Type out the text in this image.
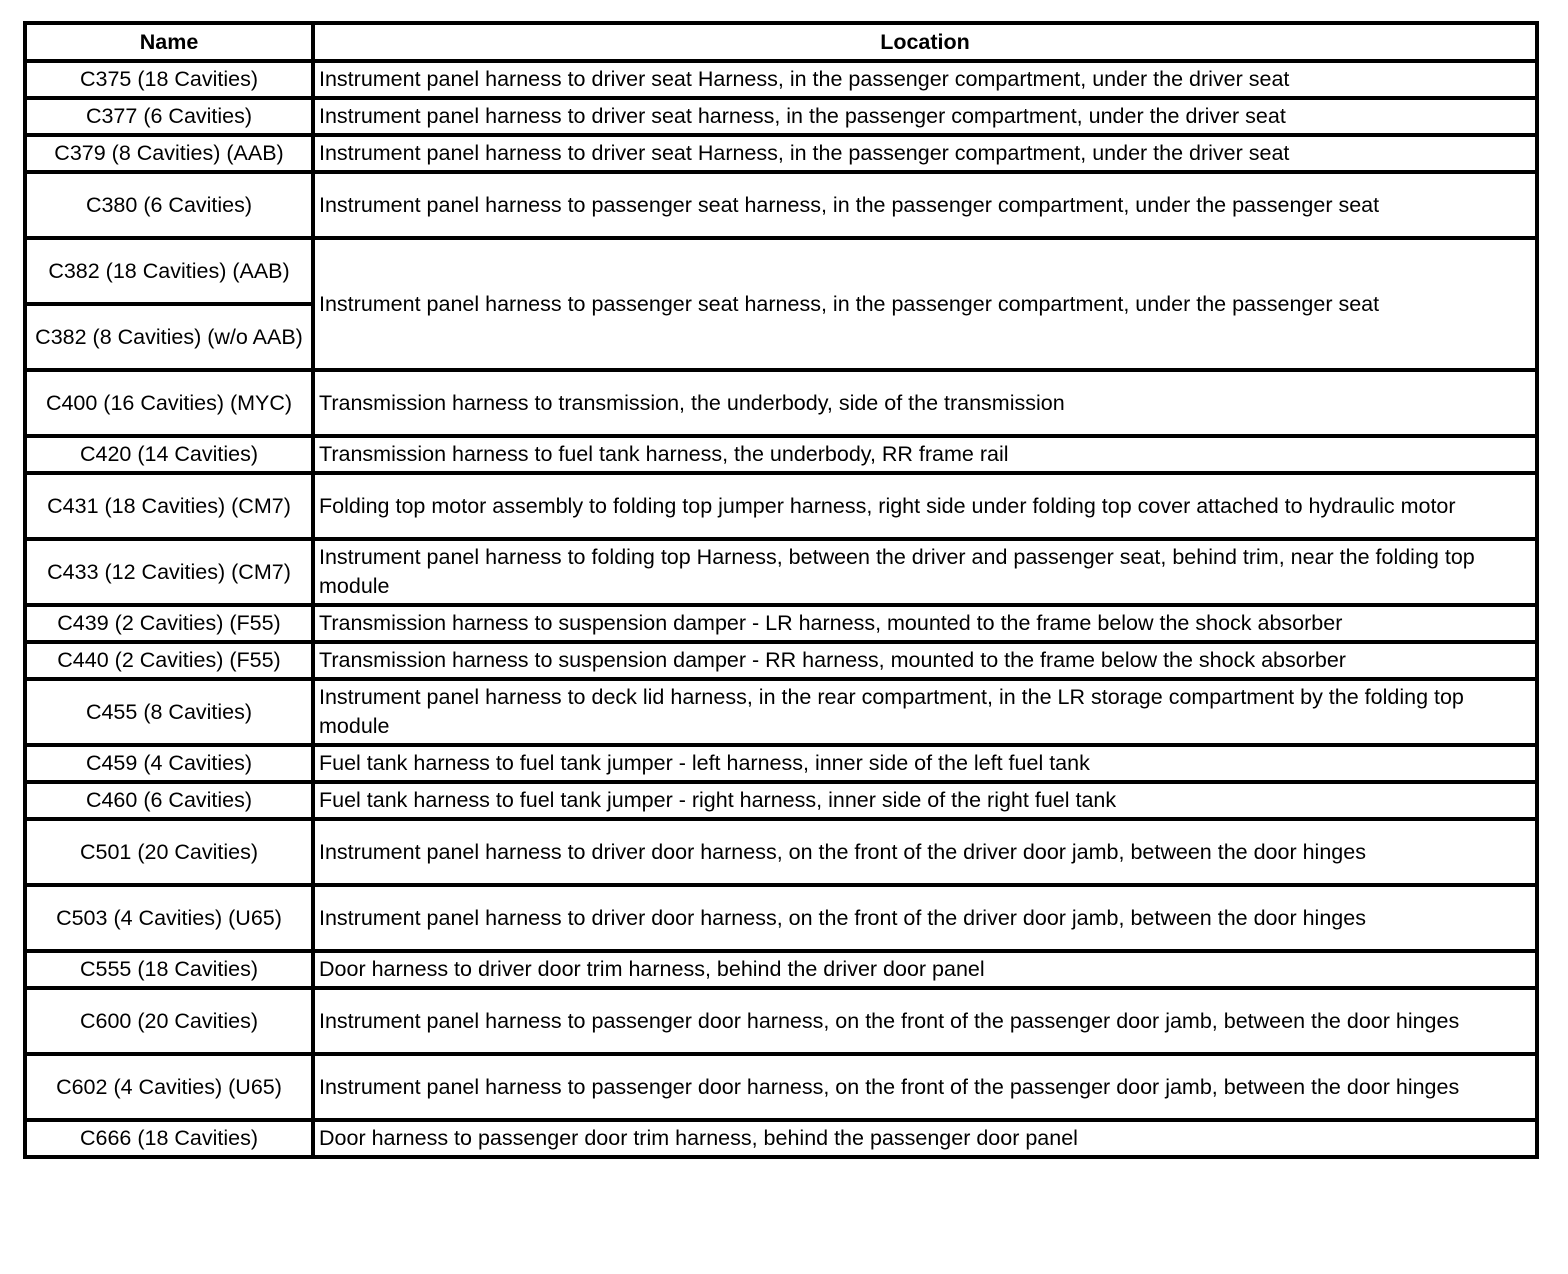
Name	Location
C375 (18 Cavities)	Instrument panel harness to driver seat Harness, in the passenger compartment, under the driver seat
C377 (6 Cavities)	Instrument panel harness to driver seat harness, in the passenger compartment, under the driver seat
C379 (8 Cavities) (AAB)	Instrument panel harness to driver seat Harness, in the passenger compartment, under the driver seat
C380 (6 Cavities)	Instrument panel harness to passenger seat harness, in the passenger compartment, under the passenger seat
C382 (18 Cavities) (AAB)	Instrument panel harness to passenger seat harness, in the passenger compartment, under the passenger seat
C382 (8 Cavities) (w/o AAB)	
C400 (16 Cavities) (MYC)	Transmission harness to transmission, the underbody, side of the transmission
C420 (14 Cavities)	Transmission harness to fuel tank harness, the underbody, RR frame rail
C431 (18 Cavities) (CM7)	Folding top motor assembly to folding top jumper harness, right side under folding top cover attached to hydraulic motor
C433 (12 Cavities) (CM7)	Instrument panel harness to folding top Harness, between the driver and passenger seat, behind trim, near the folding top module
C439 (2 Cavities) (F55)	Transmission harness to suspension damper - LR harness, mounted to the frame below the shock absorber
C440 (2 Cavities) (F55)	Transmission harness to suspension damper - RR harness, mounted to the frame below the shock absorber
C455 (8 Cavities)	Instrument panel harness to deck lid harness, in the rear compartment, in the LR storage compartment by the folding top module
C459 (4 Cavities)	Fuel tank harness to fuel tank jumper - left harness, inner side of the left fuel tank
C460 (6 Cavities)	Fuel tank harness to fuel tank jumper - right harness, inner side of the right fuel tank
C501 (20 Cavities)	Instrument panel harness to driver door harness, on the front of the driver door jamb, between the door hinges
C503 (4 Cavities) (U65)	Instrument panel harness to driver door harness, on the front of the driver door jamb, between the door hinges
C555 (18 Cavities)	Door harness to driver door trim harness, behind the driver door panel
C600 (20 Cavities)	Instrument panel harness to passenger door harness, on the front of the passenger door jamb, between the door hinges
C602 (4 Cavities) (U65)	Instrument panel harness to passenger door harness, on the front of the passenger door jamb, between the door hinges
C666 (18 Cavities)	Door harness to passenger door trim harness, behind the passenger door panel
